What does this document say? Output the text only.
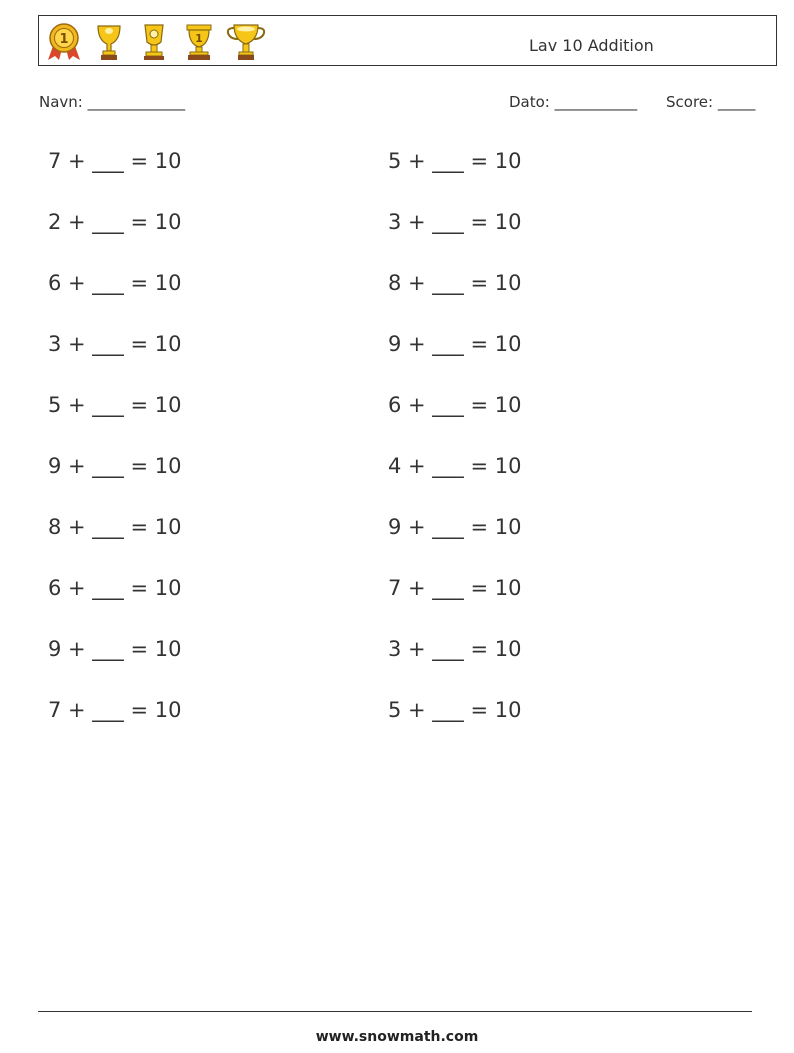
1	1	Lav 10 Addition
Navn: _____________	Dato: ___________ Score: _____
7 + ___ = 10
2 + ___ = 10
6 + ___ = 10
3 + ___ = 10
5 + ___ = 10
9 + ___ = 10
8 + ___ = 10
6 + ___ = 10
9 + ___ = 10
7 + ___ = 10
5 + ___ = 10
3 + ___ = 10
8 + ___ = 10
9 + ___ = 10
6 + ___ = 10
4 + ___ = 10
9 + ___ = 10
7 + ___ = 10
3 + ___ = 10
5 + ___ = 10
www.snowmath.com
